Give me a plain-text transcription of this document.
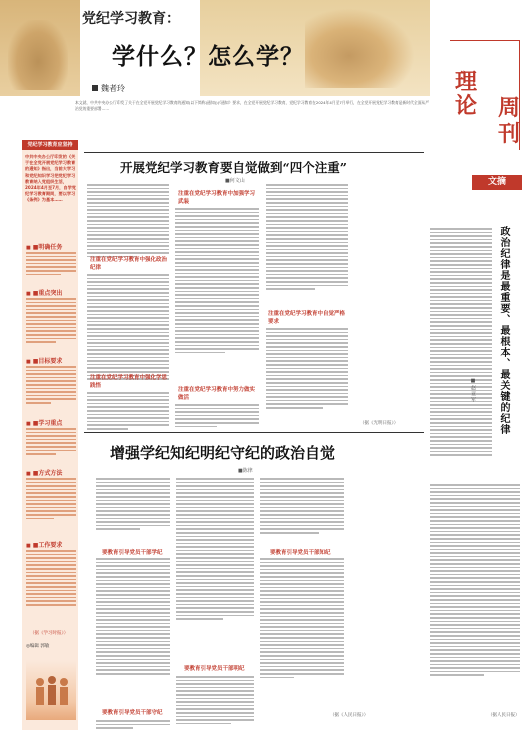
党纪学习教育：
学什么？怎么学？
$^{魏者玲}$
本文就、中共中央办公厅印发了关于在全党开展党纪学习教育的通知(以下简称(通知))(《通知》要求，在全党开展党纪学习教育，党纪学习教育在2024年4月至7月举行，在全党开展党纪学习教育是新时代全面从严治党的重要部署……
理论 周刊
文摘
党纪学习教育应坚持
中共中央办公厅印发的《关于在全党开展党纪学习教育的通知》指出，当前大学习和党纪知识学习把党纪学习教育纳入党组织生活，2024年4月至7月，自学党纪学习教育期间，要以学习《条例》为基本……
■ ■明确任务
■ ■重点突出
■ ■目标要求
■ ■学习重点
■ ■方式方法
■ ■工作要求
（据《学习时报》）
◎编辑 郭敏
开展党纪学习教育要自觉做到“四个注重”
■何文山
注重在党纪学习教育中强化政治纪律
注重在党纪学习教育中强化学思践悟
注重在党纪学习教育中加强学习武装
注重在党纪学习教育中努力做实做活
注重在党纪学习教育中自觉严格要求
（据《光明日报》）
增强学纪知纪明纪守纪的政治自觉
■陈律
要教育引导党员干部学纪
要教育引导党员干部守纪
要教育引导党员干部明纪
要教育引导党员干部知纪
（据《人民日报》）
政治纪律是最重要、最根本、最关键的纪律
■赵亚军
（据人民日报）
